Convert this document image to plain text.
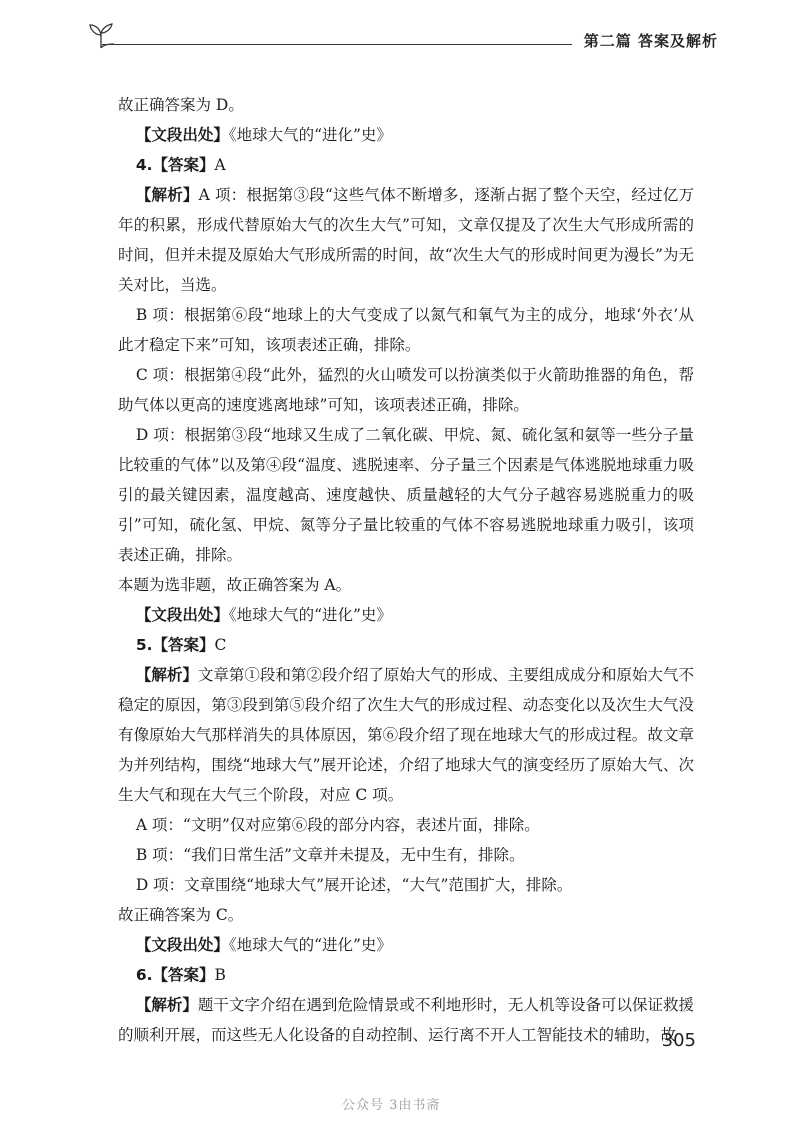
第二篇 答案及解析

故正确答案为 D。

【文段出处】《地球大气的“进化”史》

4.【答案】A

【解析】A 项：根据第③段“这些气体不断增多，逐渐占据了整个天空，经过亿万年的积累，形成代替原始大气的次生大气”可知，文章仅提及了次生大气形成所需的时间，但并未提及原始大气形成所需的时间，故“次生大气的形成时间更为漫长”为无关对比，当选。

B 项：根据第⑥段“地球上的大气变成了以氮气和氧气为主的成分，地球‘外衣’从此才稳定下来”可知，该项表述正确，排除。

C 项：根据第④段“此外，猛烈的火山喷发可以扮演类似于火箭助推器的角色，帮助气体以更高的速度逃离地球”可知，该项表述正确，排除。

D 项：根据第③段“地球又生成了二氧化碳、甲烷、氮、硫化氢和氨等一些分子量比较重的气体”以及第④段“温度、逃脱速率、分子量三个因素是气体逃脱地球重力吸引的最关键因素，温度越高、速度越快、质量越轻的大气分子越容易逃脱重力的吸引”可知，硫化氢、甲烷、氮等分子量比较重的气体不容易逃脱地球重力吸引，该项表述正确，排除。

本题为选非题，故正确答案为 A。

【文段出处】《地球大气的“进化”史》

5.【答案】C

【解析】文章第①段和第②段介绍了原始大气的形成、主要组成成分和原始大气不稳定的原因，第③段到第⑤段介绍了次生大气的形成过程、动态变化以及次生大气没有像原始大气那样消失的具体原因，第⑥段介绍了现在地球大气的形成过程。故文章为并列结构，围绕“地球大气”展开论述，介绍了地球大气的演变经历了原始大气、次生大气和现在大气三个阶段，对应 C 项。

A 项：“文明”仅对应第⑥段的部分内容，表述片面，排除。

B 项：“我们日常生活”文章并未提及，无中生有，排除。

D 项：文章围绕“地球大气”展开论述，“大气”范围扩大，排除。

故正确答案为 C。

【文段出处】《地球大气的“进化”史》

6.【答案】B

【解析】题干文字介绍在遇到危险情景或不利地形时，无人机等设备可以保证救援的顺利开展，而这些无人化设备的自动控制、运行离不开人工智能技术的辅助，故

305
公众号 3由书斋
